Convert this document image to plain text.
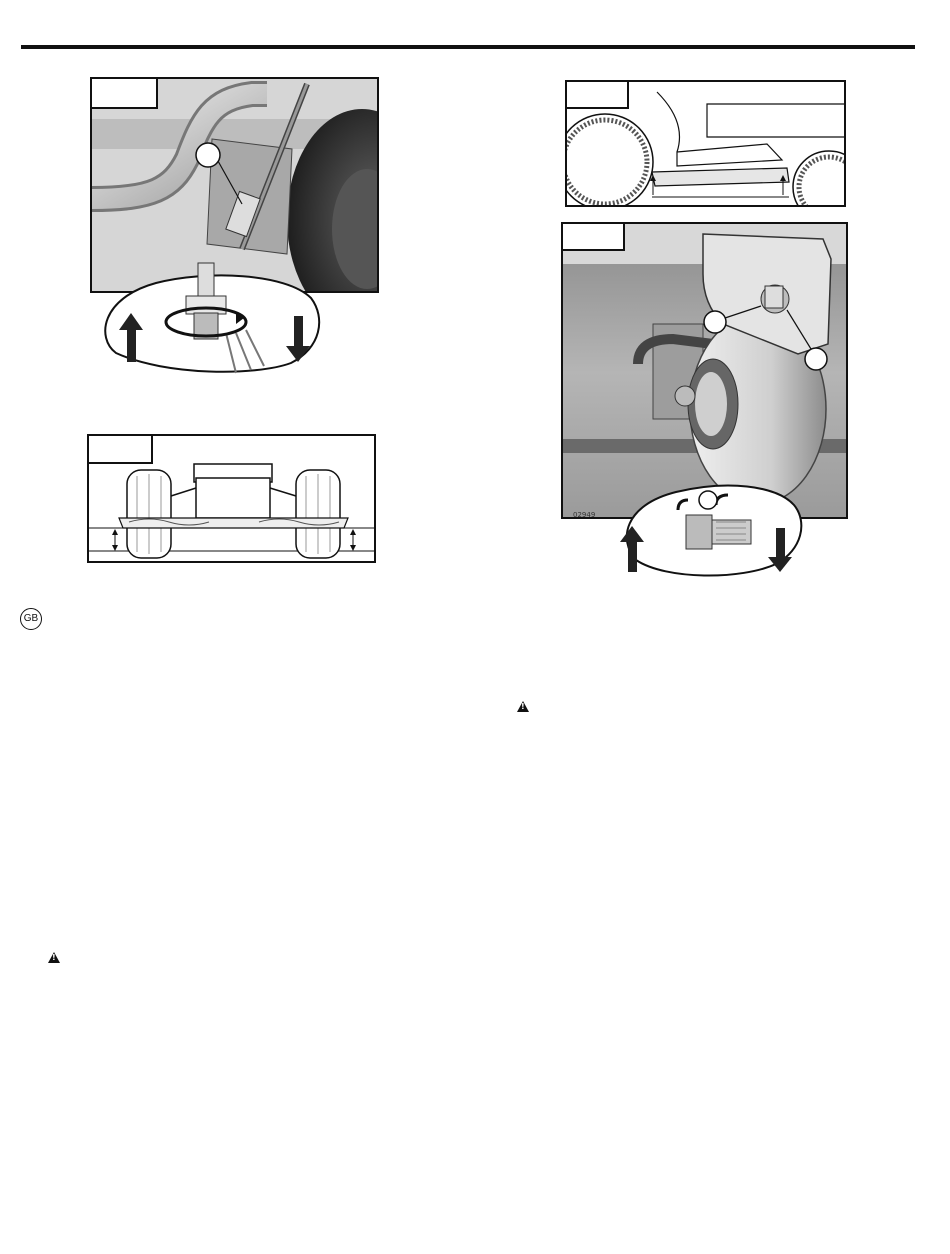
02949
GB
!
!
